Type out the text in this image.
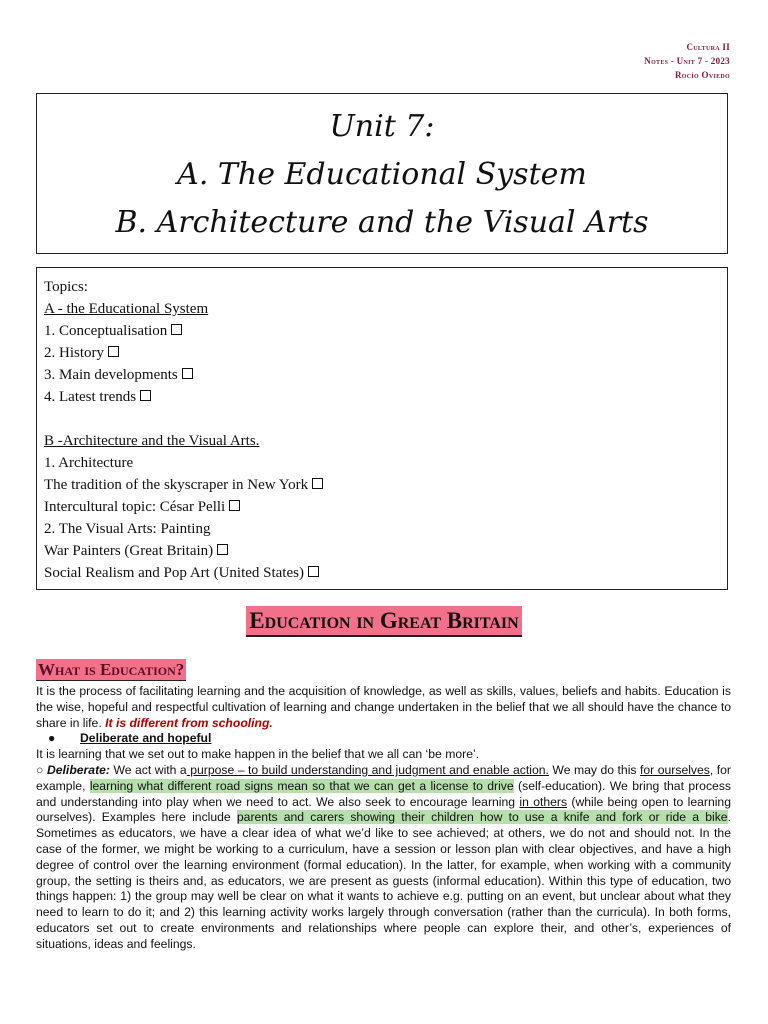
Cultura II
Notes - Unit 7 - 2023
Rocío Oviedo
Unit 7:
A. The Educational System
B. Architecture and the Visual Arts
Topics:
A - the Educational System
1. Conceptualisation
2. History
3. Main developments
4. Latest trends
B -Architecture and the Visual Arts.
1. Architecture
The tradition of the skyscraper in New York
Intercultural topic: César Pelli
2. The Visual Arts: Painting
War Painters (Great Britain)
Social Realism and Pop Art (United States)
Education in Great Britain
What is Education?

It is the process of facilitating learning and the acquisition of knowledge, as well as skills, values, beliefs and habits. Education is the wise, hopeful and respectful cultivation of learning and change undertaken in the belief that we all should have the chance to share in life. It is different from schooling.

● Deliberate and hopeful

It is learning that we set out to make happen in the belief that we all can ‘be more’.

○ Deliberate: We act with a purpose – to build understanding and judgment and enable action. We may do this for ourselves, for example, learning what different road signs mean so that we can get a license to drive (self-education). We bring that process and understanding into play when we need to act. We also seek to encourage learning in others (while being open to learning ourselves). Examples here include parents and carers showing their children how to use a knife and fork or ride a bike. Sometimes as educators, we have a clear idea of what we’d like to see achieved; at others, we do not and should not. In the case of the former, we might be working to a curriculum, have a session or lesson plan with clear objectives, and have a high degree of control over the learning environment (formal education). In the latter, for example, when working with a community group, the setting is theirs and, as educators, we are present as guests (informal education). Within this type of education, two things happen: 1) the group may well be clear on what it wants to achieve e.g. putting on an event, but unclear about what they need to learn to do it; and 2) this learning activity works largely through conversation (rather than the curricula). In both forms, educators set out to create environments and relationships where people can explore their, and other’s, experiences of situations, ideas and feelings.
